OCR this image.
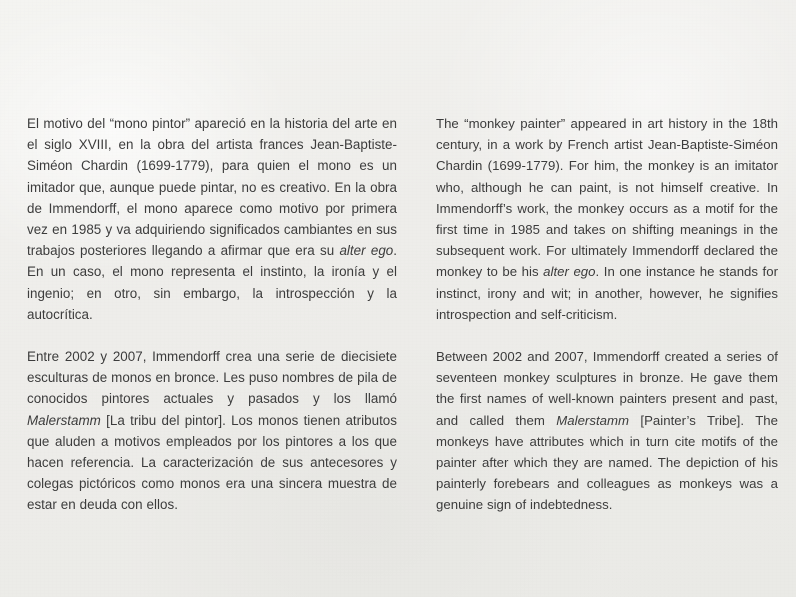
El motivo del “mono pintor” apareció en la historia del arte en el siglo XVIII, en la obra del artista frances Jean-Baptiste-Siméon Chardin (1699-1779), para quien el mono es un imitador que, aunque puede pintar, no es creativo. En la obra de Immendorff, el mono aparece como motivo por primera vez en 1985 y va adquiriendo significados cambiantes en sus trabajos posteriores llegando a afirmar que era su alter ego. En un caso, el mono representa el instinto, la ironía y el ingenio; en otro, sin embargo, la introspección y la autocrítica.

Entre 2002 y 2007, Immendorff crea una serie de diecisiete esculturas de monos en bronce. Les puso nombres de pila de conocidos pintores actuales y pasados y los llamó Malerstamm [La tribu del pintor]. Los monos tienen atributos que aluden a motivos empleados por los pintores a los que hacen referencia. La caracterización de sus antecesores y colegas pictóricos como monos era una sincera muestra de estar en deuda con ellos.

The “monkey painter” appeared in art history in the 18th century, in a work by French artist Jean-Baptiste-Siméon Chardin (1699-1779). For him, the monkey is an imitator who, although he can paint, is not himself creative. In Immendorff’s work, the monkey occurs as a motif for the first time in 1985 and takes on shifting meanings in the subsequent work. For ultimately Immendorff declared the monkey to be his alter ego. In one instance he stands for instinct, irony and wit; in another, however, he signifies introspection and self-criticism.

Between 2002 and 2007, Immendorff created a series of seventeen monkey sculptures in bronze. He gave them the first names of well-known painters present and past, and called them Malerstamm [Painter’s Tribe]. The monkeys have attributes which in turn cite motifs of the painter after which they are named. The depiction of his painterly forebears and colleagues as monkeys was a genuine sign of indebtedness.
